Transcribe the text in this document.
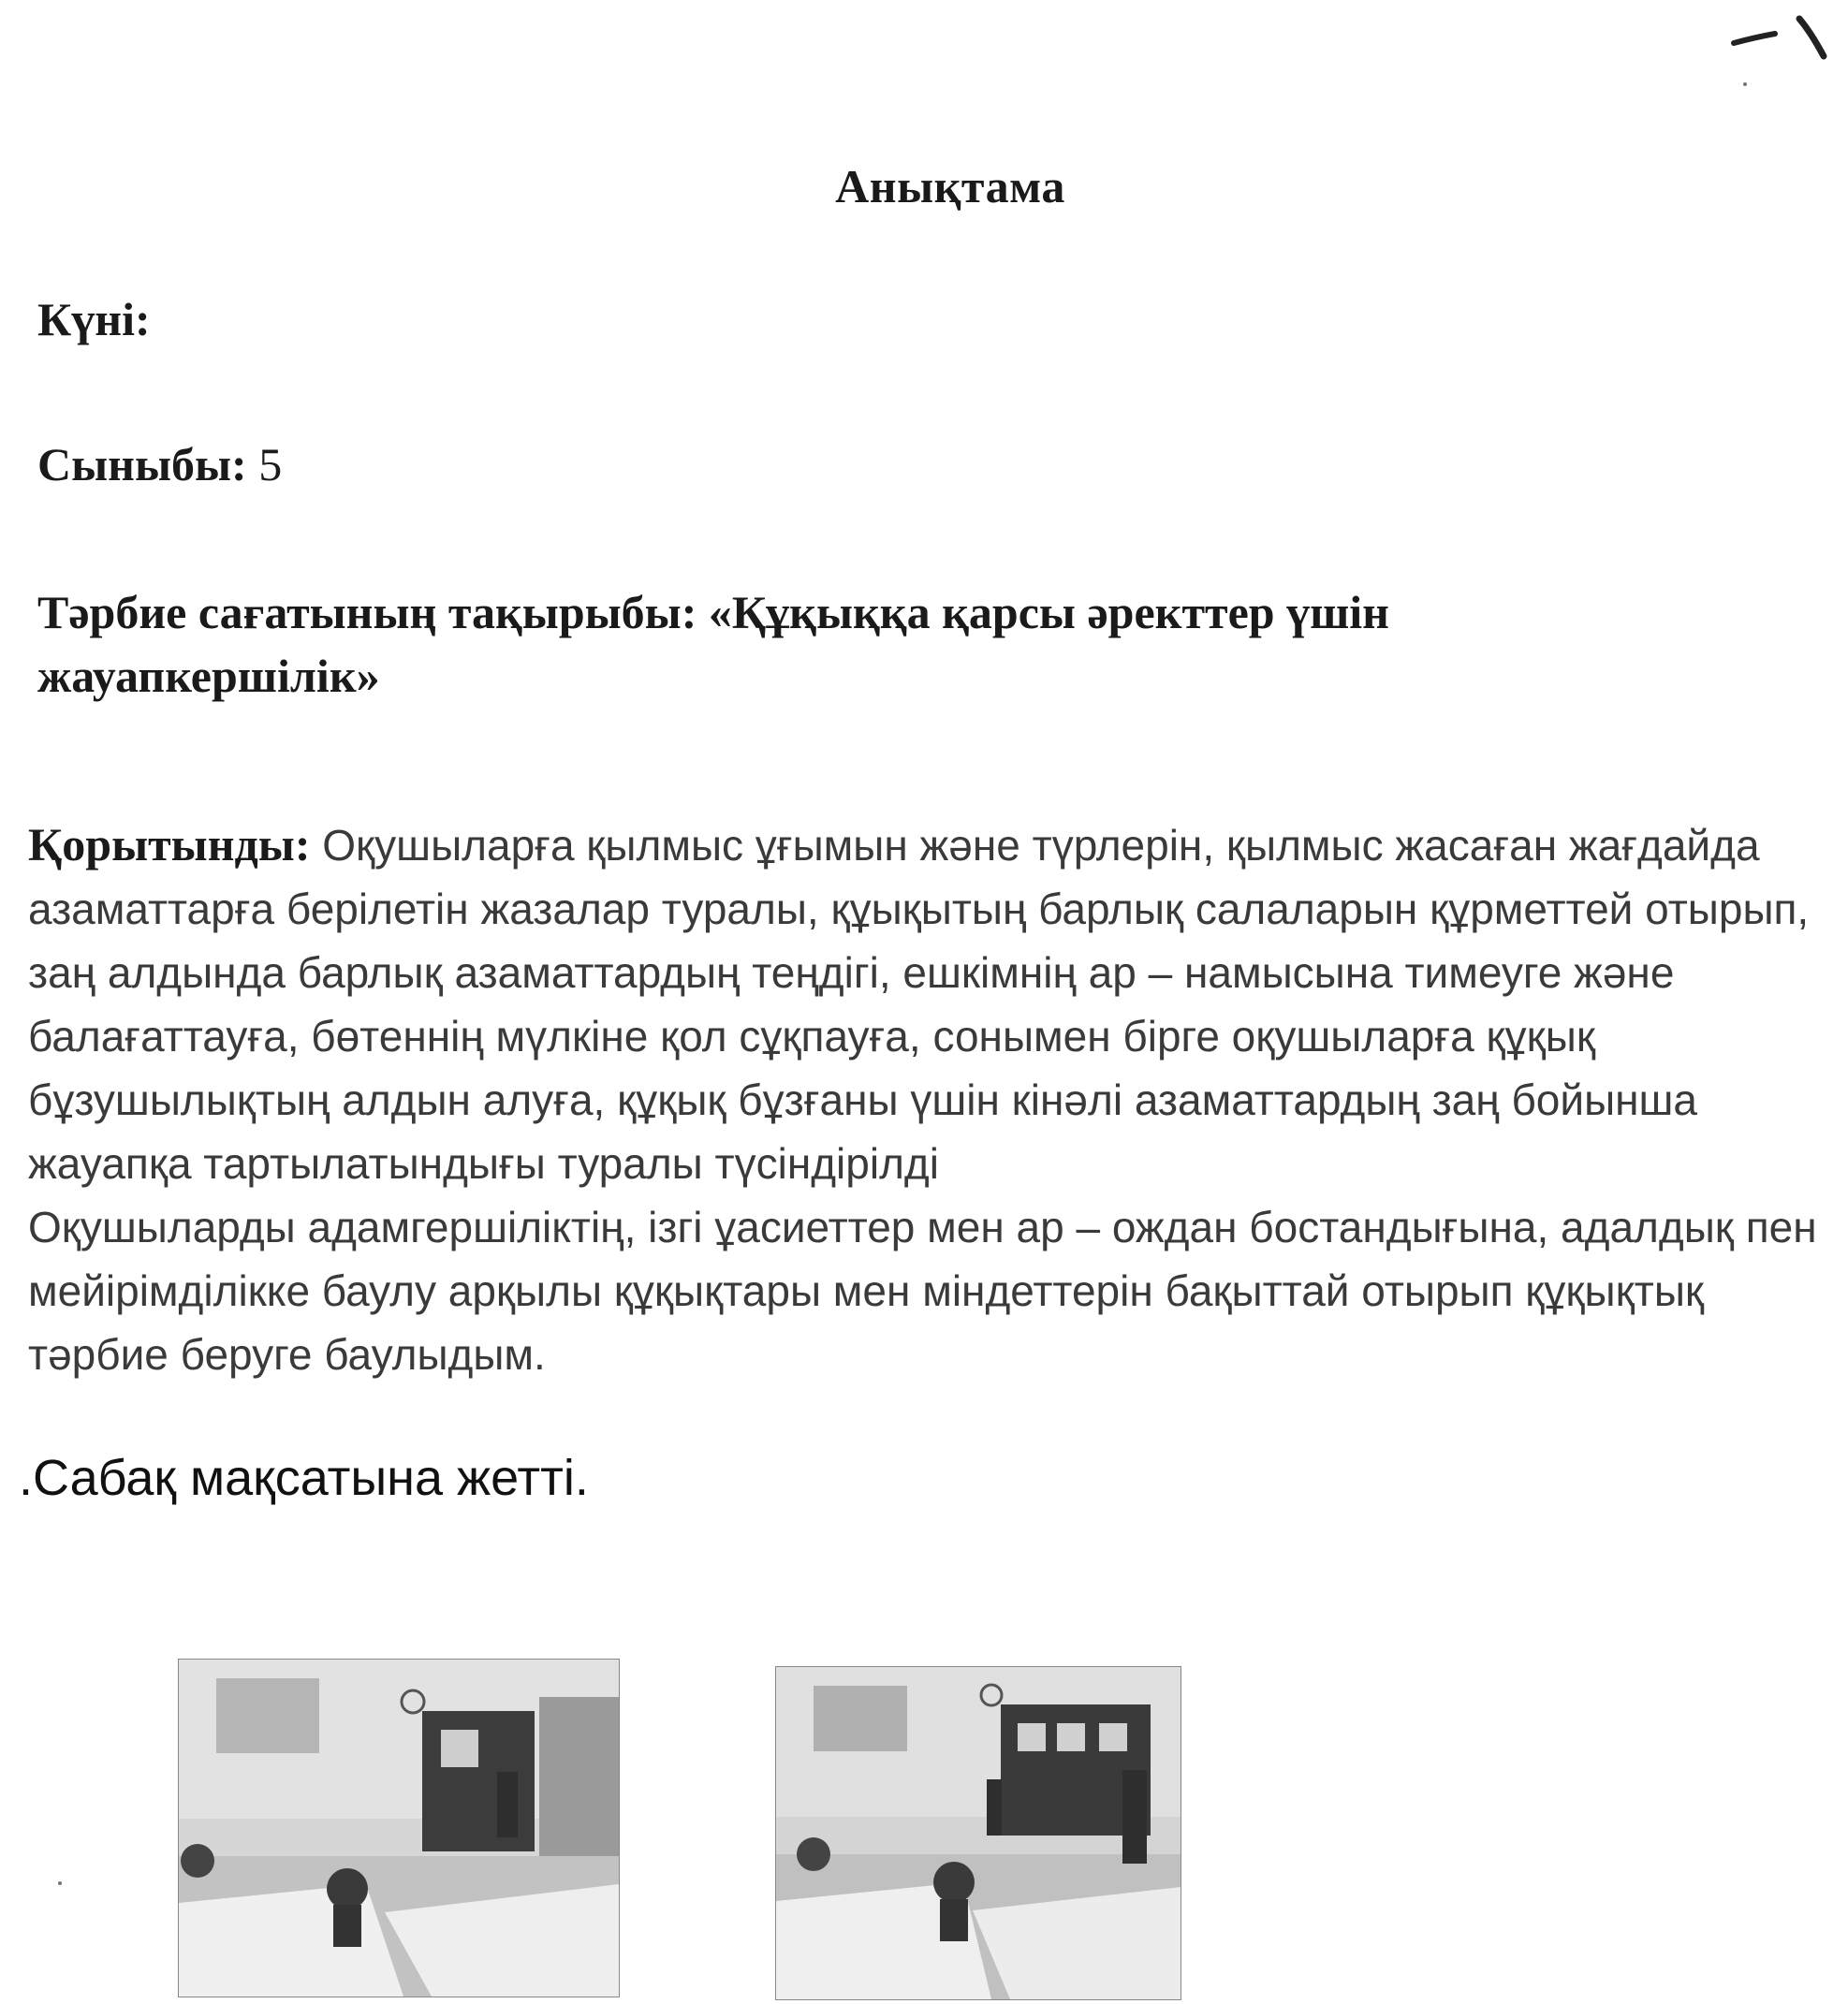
Анықтама
Күні:
Сыныбы: 5
Тәрбие сағатының тақырыбы: «Құқыққа қарсы әректтер үшін жауапкершілік»

Қорытынды: Оқушыларға қылмыс ұғымын және түрлерін, қылмыс жасаған жағдайда азаматтарға берілетін жазалар туралы, құықытың барлық салаларын құрметтей отырып, заң алдында барлық азаматтардың теңдігі, ешкімнің ар – намысына тимеуге және балағаттауға, бөтеннің мүлкіне қол сұқпауға, сонымен бірге оқушыларға құқық бұзушылықтың алдын алуға, құқық бұзғаны үшін кінәлі азаматтардың заң бойынша жауапқа тартылатындығы туралы түсіндірілді

Оқушыларды адамгершіліктің, ізгі ұасиеттер мен ар – ождан бостандығына, адалдық пен мейірімділікке баулу арқылы құқықтары мен міндеттерін бақыттай отырып құқықтық тәрбие беруге баулыдым.

.Сабақ мақсатына жетті.
